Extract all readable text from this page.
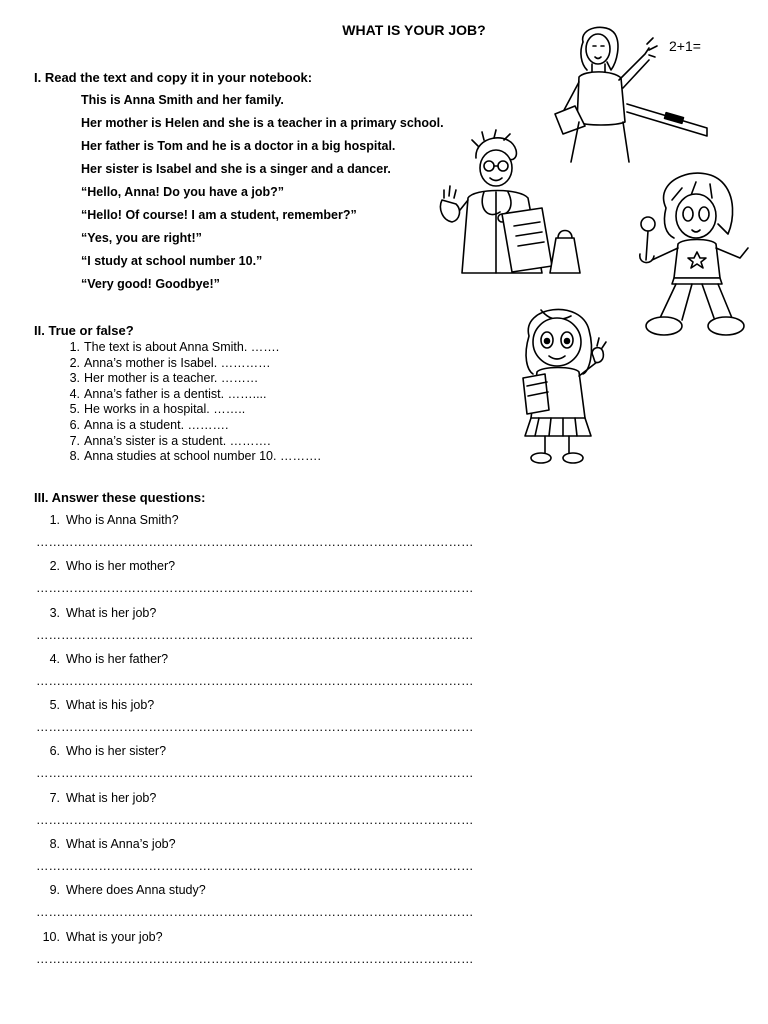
WHAT IS YOUR JOB?
I. Read the text and copy it in your notebook:

This is Anna Smith and her family.

Her mother is Helen and she is a teacher in a primary school.

Her father is Tom and he is a doctor in a big hospital.

Her sister is Isabel and she is a singer and a dancer.

“Hello, Anna! Do you have a job?”

“Hello! Of course! I am a student, remember?”

“Yes, you are right!”

“I study at school number 10.”

“Very good! Goodbye!”

II. True or false?
1. The text is about Anna Smith. …….
2. Anna’s mother is Isabel. …………
3. Her mother is a teacher. ………
4. Anna’s father is a dentist. ……....
5. He works in a hospital. ……..
6. Anna is a student. ……….
7. Anna’s sister is a student. ……….
8. Anna studies at school number 10. ……….
III. Answer these questions:
1. Who is Anna Smith?
……………………………………………………………………………………………
2. Who is her mother?
……………………………………………………………………………………………
3. What is her job?
……………………………………………………………………………………………
4. Who is her father?
……………………………………………………………………………………………
5. What is his job?
……………………………………………………………………………………………
6. Who is her sister?
……………………………………………………………………………………………
7. What is her job?
……………………………………………………………………………………………
8. What is Anna’s job?
……………………………………………………………………………………………
9. Where does Anna study?
……………………………………………………………………………………………
10. What is your job?
……………………………………………………………………………………………
2+1=
